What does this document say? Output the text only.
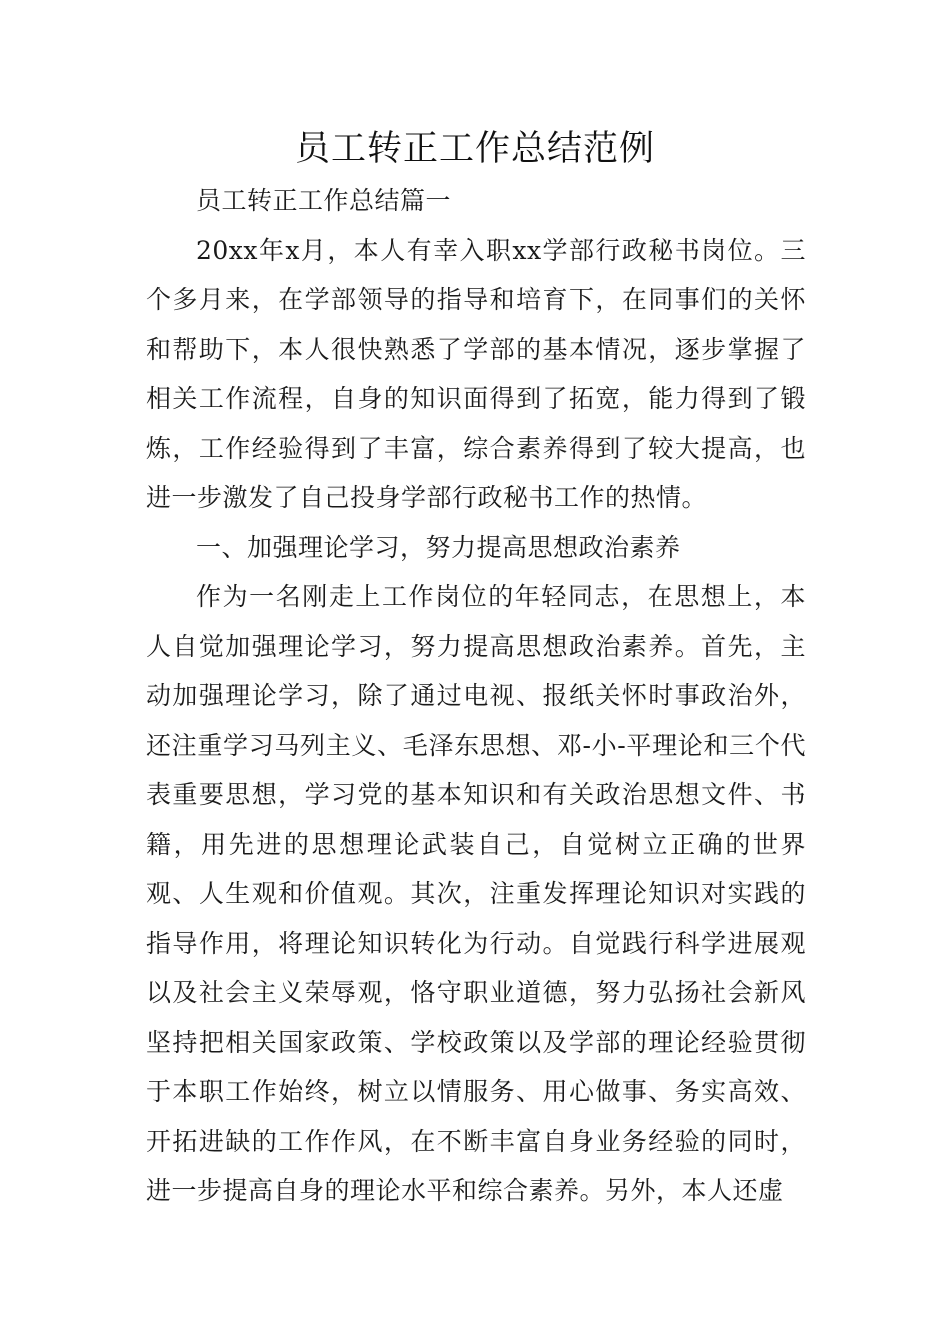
员工转正工作总结范例

员工转正工作总结篇一

20xx年x月，本人有幸入职xx学部行政秘书岗位。三个多月来，在学部领导的指导和培育下，在同事们的关怀和帮助下，本人很快熟悉了学部的基本情况，逐步掌握了相关工作流程，自身的知识面得到了拓宽，能力得到了锻炼，工作经验得到了丰富，综合素养得到了较大提高，也进一步激发了自己投身学部行政秘书工作的热情。

一、加强理论学习，努力提高思想政治素养

作为一名刚走上工作岗位的年轻同志，在思想上，本人自觉加强理论学习，努力提高思想政治素养。首先，主动加强理论学习，除了通过电视、报纸关怀时事政治外，还注重学习马列主义、毛泽东思想、邓-小-平理论和三个代表重要思想，学习党的基本知识和有关政治思想文件、书籍，用先进的思想理论武装自己，自觉树立正确的世界观、人生观和价值观。其次，注重发挥理论知识对实践的指导作用，将理论知识转化为行动。自觉践行科学进展观以及社会主义荣辱观，恪守职业道德，努力弘扬社会新风坚持把相关国家政策、学校政策以及学部的理论经验贯彻于本职工作始终，树立以情服务、用心做事、务实高效、开拓进缺的工作作风，在不断丰富自身业务经验的同时，进一步提高自身的理论水平和综合素养。另外，本人还虚
